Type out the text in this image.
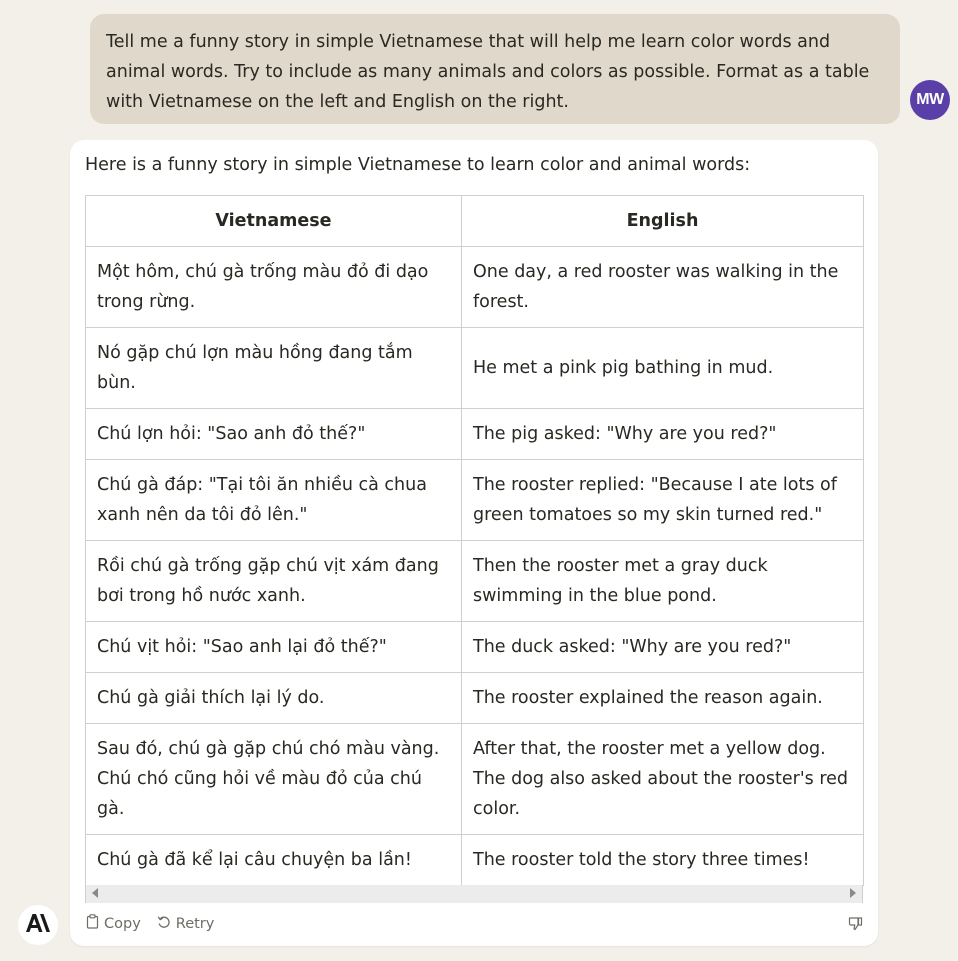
Tell me a funny story in simple Vietnamese that will help me learn color words and animal words. Try to include as many animals and colors as possible. Format as a table with Vietnamese on the left and English on the right.	MW
Here is a funny story in simple Vietnamese to learn color and animal words:
Vietnamese	English
Một hôm, chú gà trống màu đỏ đi dạo trong rừng.	One day, a red rooster was walking in the forest.
Nó gặp chú lợn màu hồng đang tắm bùn.	He met a pink pig bathing in mud.
Chú lợn hỏi: "Sao anh đỏ thế?"	The pig asked: "Why are you red?"
Chú gà đáp: "Tại tôi ăn nhiều cà chua xanh nên da tôi đỏ lên."	The rooster replied: "Because I ate lots of green tomatoes so my skin turned red."
Rồi chú gà trống gặp chú vịt xám đang bơi trong hồ nước xanh.	Then the rooster met a gray duck swimming in the blue pond.
Chú vịt hỏi: "Sao anh lại đỏ thế?"	The duck asked: "Why are you red?"
Chú gà giải thích lại lý do.	The rooster explained the reason again.
Sau đó, chú gà gặp chú chó màu vàng. Chú chó cũng hỏi về màu đỏ của chú gà.	After that, the rooster met a yellow dog. The dog also asked about the rooster's red color.
Chú gà đã kể lại câu chuyện ba lần!	The rooster told the story three times!
Copy Retry
